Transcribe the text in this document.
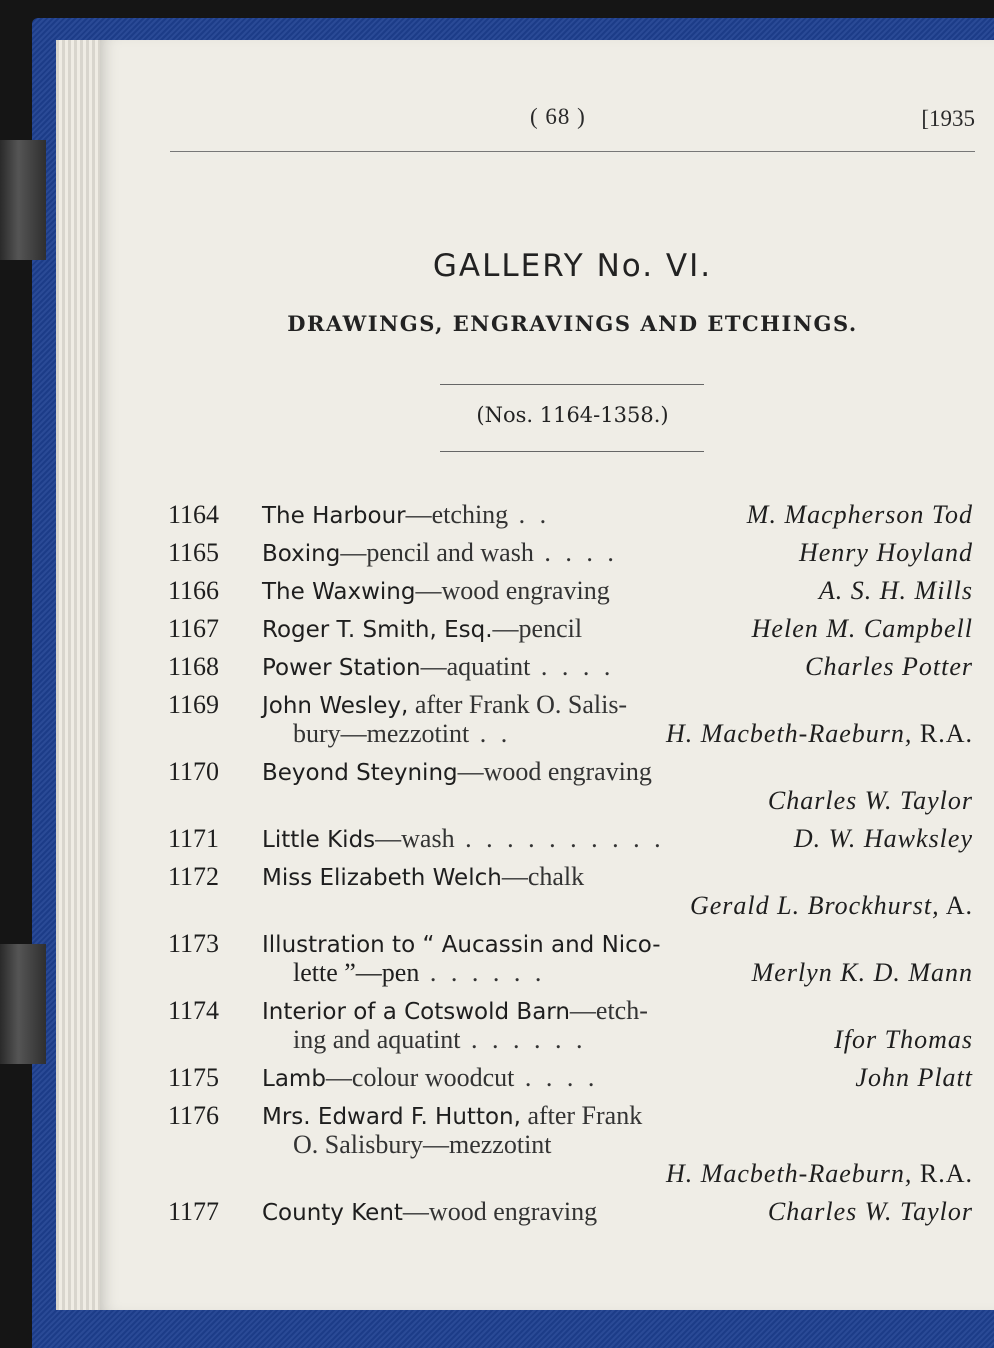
( 68 )	[1935
GALLERY No. VI.
DRAWINGS, ENGRAVINGS AND ETCHINGS.
(Nos. 1164-1358.)
1164 The Harbour—etching . .	M. Macpherson Tod
1165 Boxing—pencil and wash . . . .	Henry Hoyland
1166 The Waxwing—wood engraving	A. S. H. Mills
1167 Roger T. Smith, Esq.—pencil	Helen M. Campbell
1168 Power Station—aquatint . . . .	Charles Potter
1169 John Wesley, after Frank O. Salis-
bury—mezzotint . .	H. Macbeth-Raeburn, R.A.
1170 Beyond Steyning—wood engraving
Charles W. Taylor
1171 Little Kids—wash . . . . . . . . . .	D. W. Hawksley
1172 Miss Elizabeth Welch—chalk
Gerald L. Brockhurst, A.
1173 Illustration to “ Aucassin and Nico-
lette ”—pen . . . . . .	Merlyn K. D. Mann
1174 Interior of a Cotswold Barn—etch-
ing and aquatint . . . . . .	Ifor Thomas
1175 Lamb—colour woodcut . . . .	John Platt
1176 Mrs. Edward F. Hutton, after Frank
O. Salisbury—mezzotint
H. Macbeth-Raeburn, R.A.
1177 County Kent—wood engraving	Charles W. Taylor
